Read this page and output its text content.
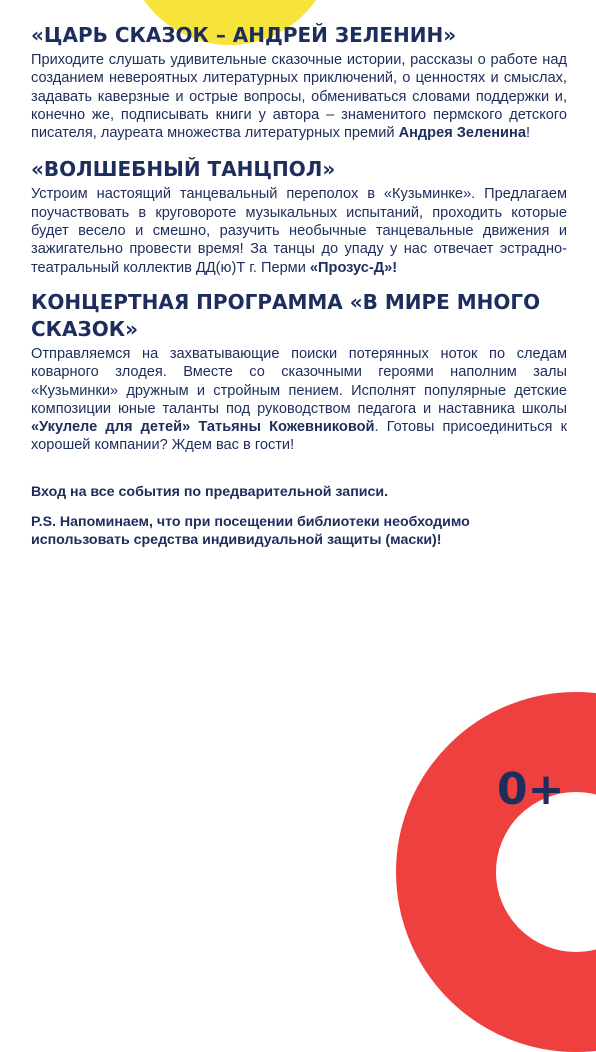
«ЦАРЬ СКАЗОК – АНДРЕЙ ЗЕЛЕНИН»

Приходите слушать удивительные сказочные истории, рассказы о работе над созданием невероятных литературных приключений, о ценностях и смыслах, задавать каверзные и острые вопросы, обмениваться словами поддержки и, конечно же, подписывать книги у автора – знаменитого пермского детского писателя, лауреата множества литературных премий Андрея Зеленина!

«ВОЛШЕБНЫЙ ТАНЦПОЛ»

Устроим настоящий танцевальный переполох в «Кузьминке». Предлагаем поучаствовать в круговороте музыкальных испытаний, проходить которые будет весело и смешно, разучить необычные танцевальные движения и зажигательно провести время! За танцы до упаду у нас отвечает эстрадно-театральный коллектив ДД(ю)Т г. Перми «Прозус-Д»!

КОНЦЕРТНАЯ ПРОГРАММА «В МИРЕ МНОГО СКАЗОК»

Отправляемся на захватывающие поиски потерянных ноток по следам коварного злодея. Вместе со сказочными героями наполним залы «Кузьминки» дружным и стройным пением. Исполнят популярные детские композиции юные таланты под руководством педагога и наставника школы «Укулеле для детей» Татьяны Кожевниковой. Готовы присоединиться к хорошей компании? Ждем вас в гости!

Вход на все события по предварительной записи.

P.S. Напоминаем, что при посещении библиотеки необходимо использовать средства индивидуальной защиты (маски)!

0+
